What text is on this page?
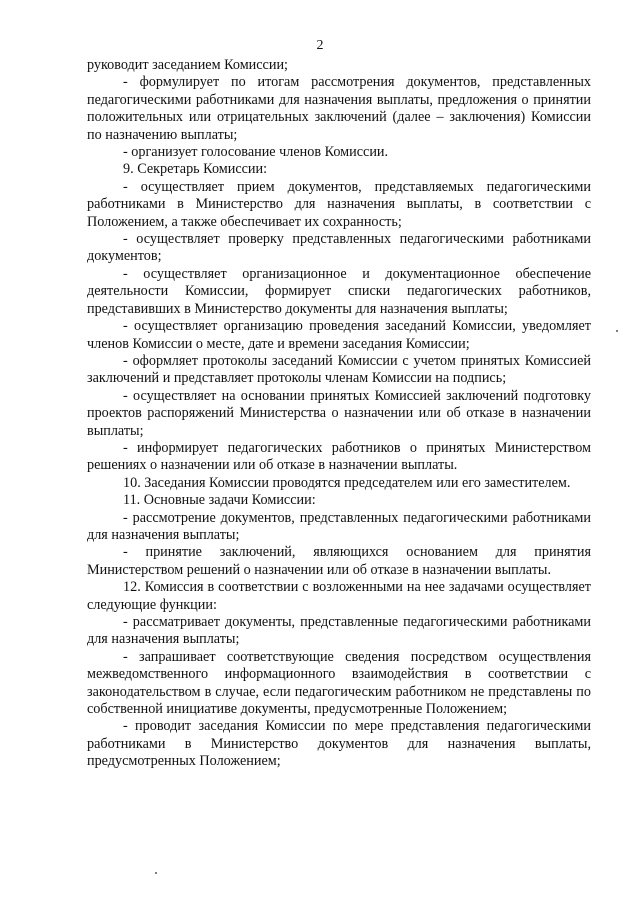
2

руководит заседанием Комиссии;

- формулирует по итогам рассмотрения документов, представленных педагогическими работниками для назначения выплаты, предложения о принятии положительных или отрицательных заключений (далее – заключения) Комиссии по назначению выплаты;

- организует голосование членов Комиссии.

9. Секретарь Комиссии:

- осуществляет прием документов, представляемых педагогическими работниками в Министерство для назначения выплаты, в соответствии с Положением, а также обеспечивает их сохранность;

- осуществляет проверку представленных педагогическими работниками документов;

- осуществляет организационное и документационное обеспечение деятельности Комиссии, формирует списки педагогических работников, представивших в Министерство документы для назначения выплаты;

- осуществляет организацию проведения заседаний Комиссии, уведомляет членов Комиссии о месте, дате и времени заседания Комиссии;

- оформляет протоколы заседаний Комиссии с учетом принятых Комиссией заключений и представляет протоколы членам Комиссии на подпись;

- осуществляет на основании принятых Комиссией заключений подготовку проектов распоряжений Министерства о назначении или об отказе в назначении выплаты;

- информирует педагогических работников о принятых Министерством решениях о назначении или об отказе в назначении выплаты.

10. Заседания Комиссии проводятся председателем или его заместителем.

11. Основные задачи Комиссии:

- рассмотрение документов, представленных педагогическими работниками для назначения выплаты;

- принятие заключений, являющихся основанием для принятия Министерством решений о назначении или об отказе в назначении выплаты.

12. Комиссия в соответствии с возложенными на нее задачами осуществляет следующие функции:

- рассматривает документы, представленные педагогическими работниками для назначения выплаты;

- запрашивает соответствующие сведения посредством осуществления межведомственного информационного взаимодействия в соответствии с законодательством в случае, если педагогическим работником не представлены по собственной инициативе документы, предусмотренные Положением;

- проводит заседания Комиссии по мере представления педагогическими работниками в Министерство документов для назначения выплаты, предусмотренных Положением;
